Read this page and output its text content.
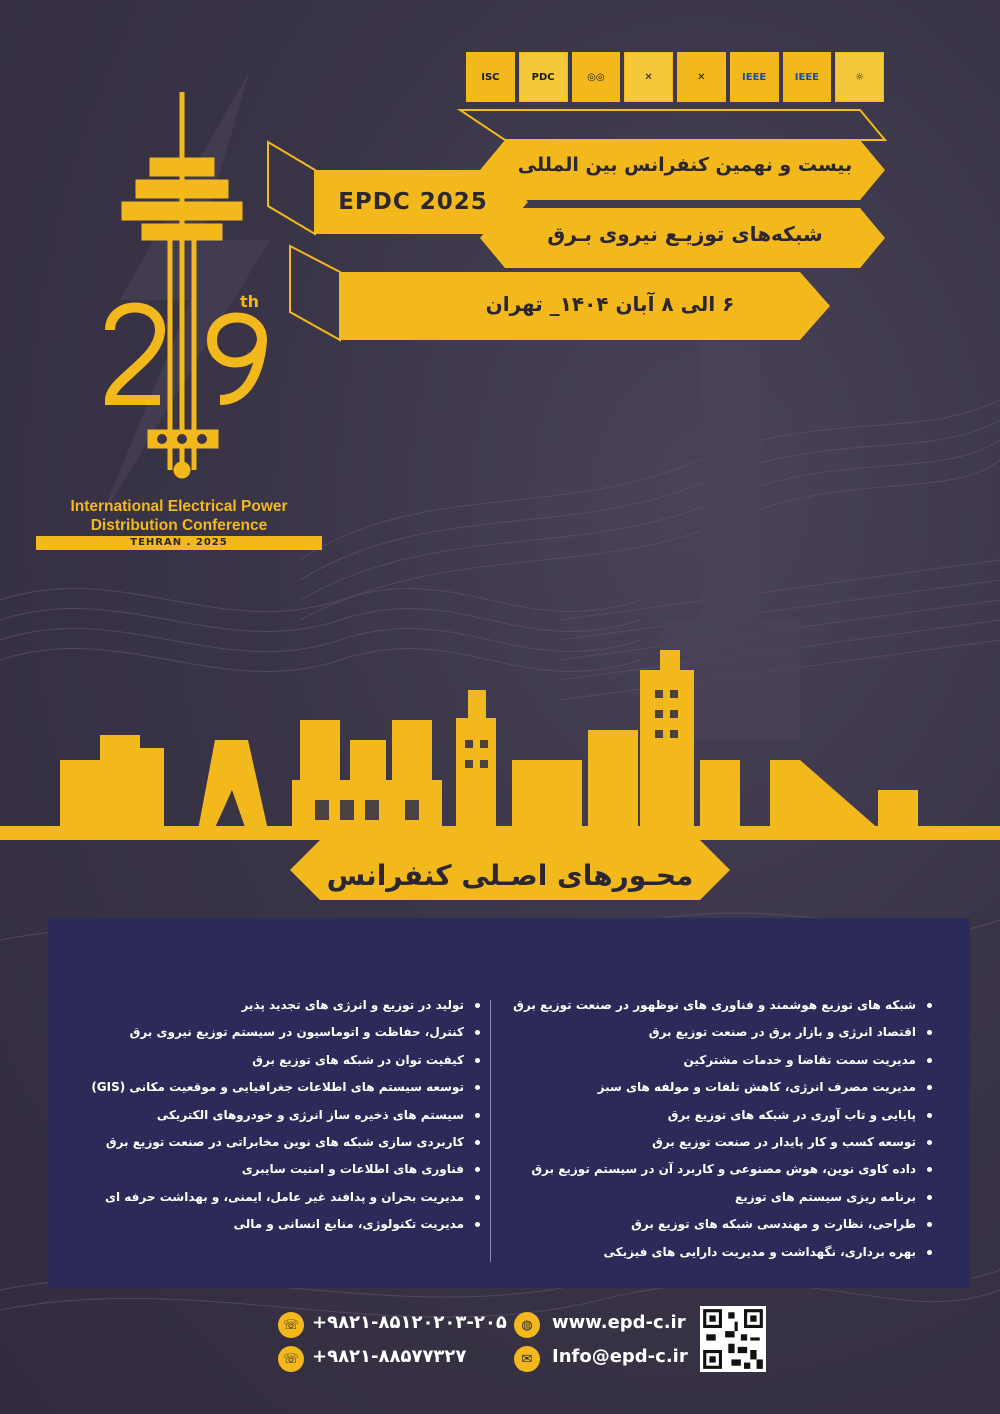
ISC	PDC	◎◎	✕	✕	IEEE	IEEE	☼
بیست و نهمین کنفرانس بین المللی
EPDC 2025
شبکه‌های توزیـع نیروی بـرق
۶ الی ۸ آبان ۱۴۰۴_ تهران
th
International Electrical Power Distribution Conference
TEHRAN . 2025
محـورهای اصـلی کنفرانس
شبکه های توزیع هوشمند و فناوری های نوظهور در صنعت توزیع برق
اقتصاد انرژی و بازار برق در صنعت توزیع برق
مدیریت سمت تقاضا و خدمات مشترکین
مدیریت مصرف انرژی، کاهش تلفات و مولفه های سبز
پایایی و تاب آوری در شبکه های توزیع برق
توسعه کسب و کار پایدار در صنعت توزیع برق
داده کاوی نوین، هوش مصنوعی و کاربرد آن در سیستم توزیع برق
برنامه ریزی سیستم های توزیع
طراحی، نظارت و مهندسی شبکه های توزیع برق
بهره برداری، نگهداشت و مدیریت دارایی های فیزیکی
تولید در توزیع و انرژی های تجدید پذیر
کنترل، حفاظت و اتوماسیون در سیستم توزیع نیروی برق
کیفیت توان در شبکه های توزیع برق
توسعه سیستم های اطلاعات جغرافیایی و موقعیت مکانی (GIS)
سیستم های ذخیره ساز انرژی و خودروهای الکتریکی
کاربردی سازی شبکه های نوین مخابراتی در صنعت توزیع برق
فناوری های اطلاعات و امنیت سایبری
مدیریت بحران و پدافند غیر عامل، ایمنی، و بهداشت حرفه ای
مدیریت تکنولوژی، منابع انسانی و مالی
☏ +۹۸۲۱-۸۵۱۲۰۲۰۳-۲۰۵
☏ +۹۸۲۱-۸۸۵۷۷۳۲۷
◍	www.epd-c.ir
✉	Info@epd-c.ir
